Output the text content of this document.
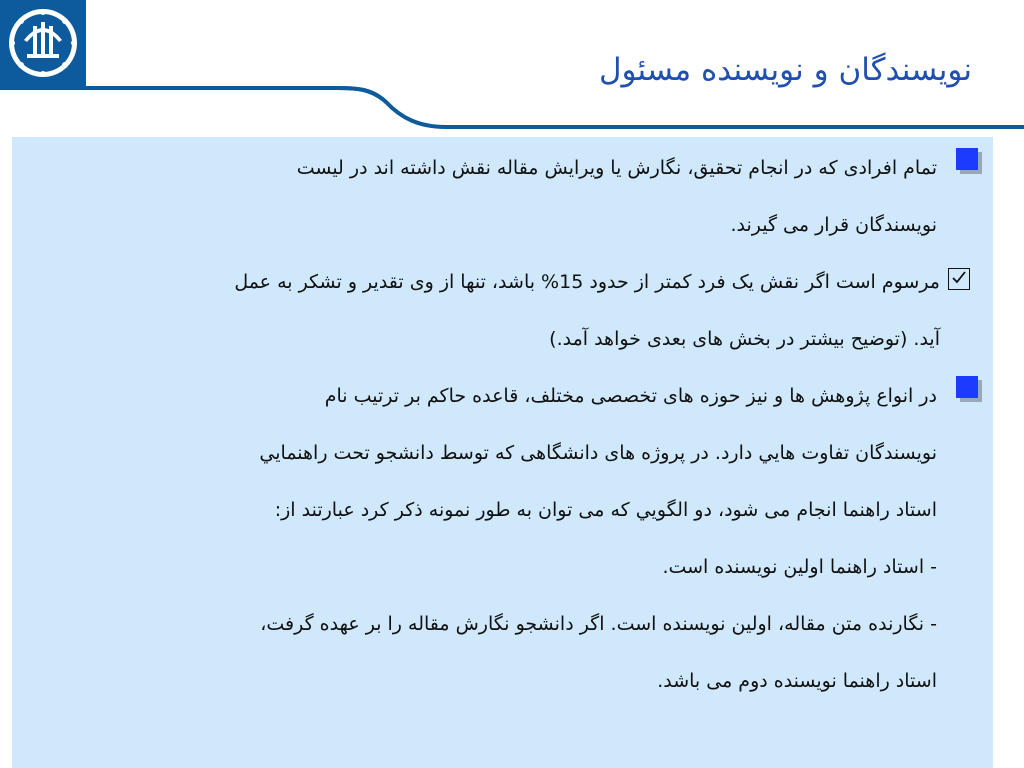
نویسندگان و نویسنده مسئول

تمام افرادی که در انجام تحقیق، نگارش یا ویرایش مقاله نقش داشته اند در لیست

نویسندگان قرار می گیرند.

مرسوم است اگر نقش یک فرد کمتر از حدود 15% باشد، تنها از وی تقدیر و تشکر به عمل

آید. (توضیح بیشتر در بخش های بعدی خواهد آمد.)

در انواع پژوهش ها و نیز حوزه های تخصصی مختلف، قاعده حاکم بر ترتیب نام

نویسندگان تفاوت هايي دارد. در پروژه های دانشگاهی که توسط دانشجو تحت راهنمايي

استاد راهنما انجام می شود، دو الگويي که می توان به طور نمونه ذکر کرد عبارتند از:

- استاد راهنما اولین نویسنده است.

- نگارنده متن مقاله، اولین نویسنده است. اگر دانشجو نگارش مقاله را بر عهده گرفت،

استاد راهنما نویسنده دوم می باشد.
